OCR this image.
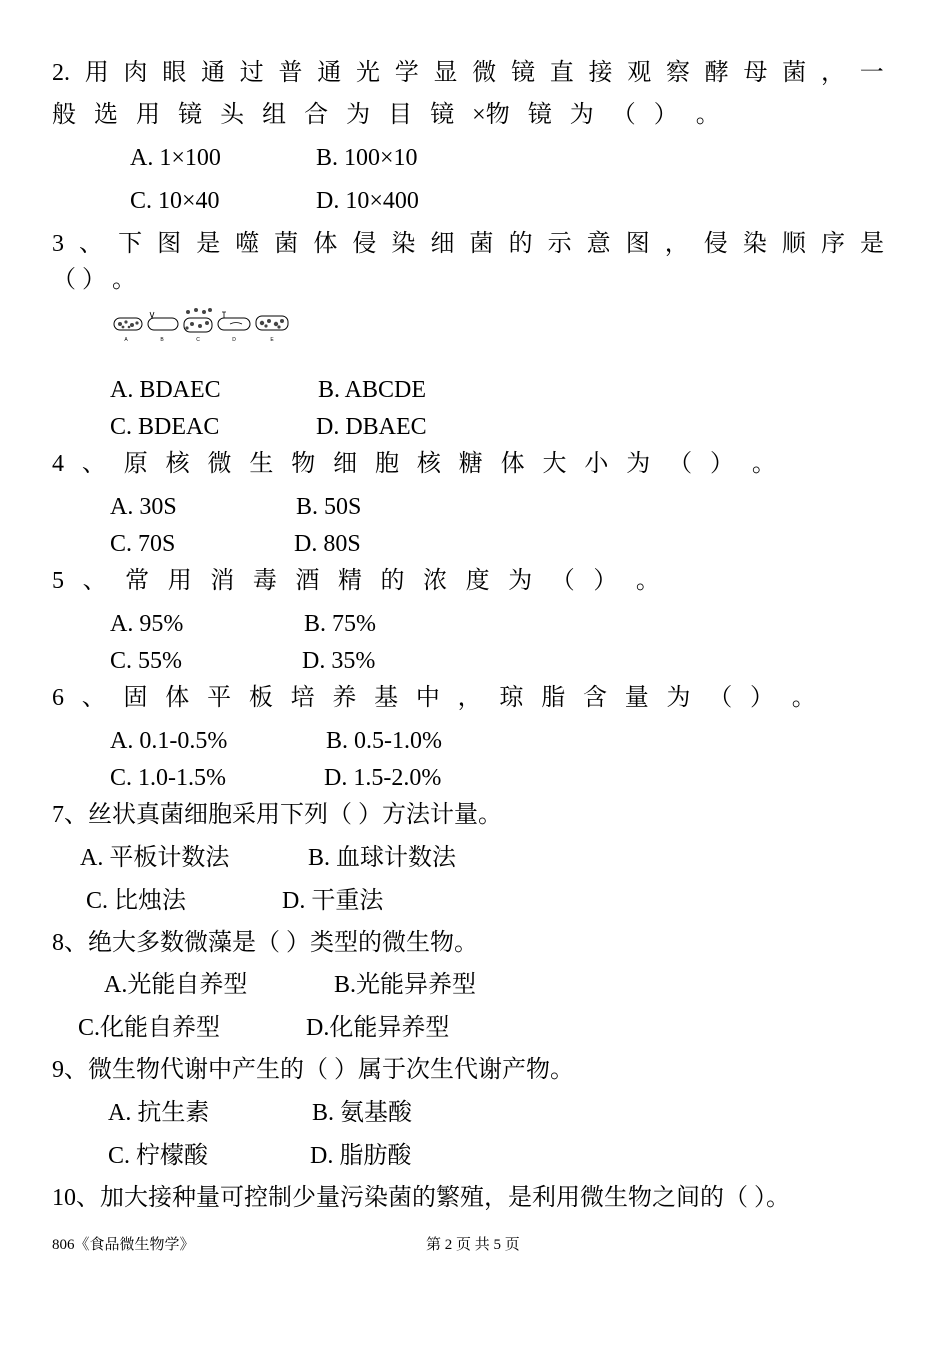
2. 用 肉 眼 通 过 普 通 光 学 显 微 镜 直 接 观 察 酵 母 菌 ， 一
般 选 用 镜 头 组 合 为 目 镜 ×物 镜 为 （ ） 。
A. 1×100	B. 100×10
C. 10×40	D. 10×400
3 、 下 图 是 噬 菌 体 侵 染 细 菌 的 示 意 图 ， 侵 染 顺 序 是
（ ） 。
A	B	C	D	E
A. BDAEC	B. ABCDE
C. BDEAC	D. DBAEC
4 、 原 核 微 生 物 细 胞 核 糖 体 大 小 为 （ ） 。
A. 30S	B. 50S
C. 70S	D. 80S
5 、 常 用 消 毒 酒 精 的 浓 度 为 （ ） 。
A. 95%	B. 75%
C. 55%	D. 35%
6 、 固 体 平 板 培 养 基 中 ， 琼 脂 含 量 为 （ ） 。
A. 0.1-0.5%	B. 0.5-1.0%
C. 1.0-1.5%	D. 1.5-2.0%
7、丝状真菌细胞采用下列（ ）方法计量。
A. 平板计数法	B. 血球计数法
C. 比烛法	D. 干重法
8、绝大多数微藻是（ ）类型的微生物。
A.光能自养型	B.光能异养型
C.化能自养型	D.化能异养型
9、微生物代谢中产生的（ ）属于次生代谢产物。
A. 抗生素	B. 氨基酸
C. 柠檬酸	D. 脂肪酸
10、加大接种量可控制少量污染菌的繁殖，是利用微生物之间的（ ）。
806《食品微生物学》	第 2 页 共 5 页
